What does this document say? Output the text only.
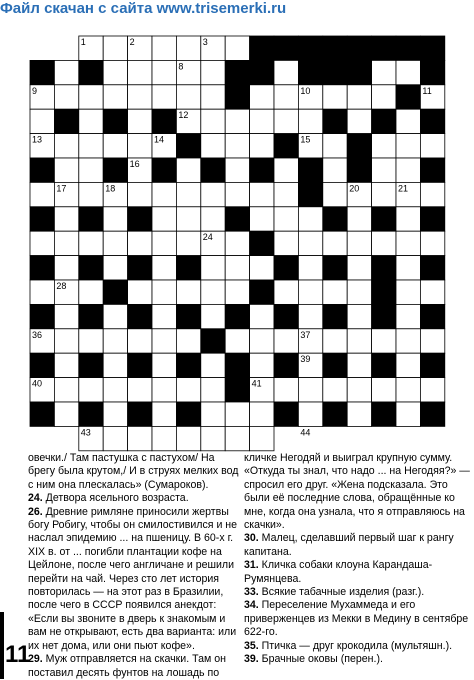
Файл скачан с сайта www.trisemerki.ru
1	2	3	4	5	6 7
8
9	10	11
12
13	14	15
16
17	18	19	20	21
22	23
24
25	26	27
28	29
30	31	32	33	34	35
36	37
38	39
40	41
42
43	44

овечки./ Там пастушка с пастухом/ На брегу была крутом,/ И в струях мелких вод с ним она плескалась» (Сумароков).

24. Детвора ясельного возраста.

26. Древние римляне приносили жертвы богу Робигу, чтобы он смилостивился и не наслал эпидемию ... на пшеницу. В 60-х г. XIX в. от ... погибли плантации кофе на Цейлоне, после чего англичане и решили перейти на чай. Через сто лет история повторилась — на этот раз в Бразилии, после чего в СССР появился анекдот: «Если вы звоните в дверь к знакомым и вам не открывают, есть два варианта: или их нет дома, или они пьют кофе».

29. Муж отправляется на скачки. Там он поставил десять фунтов на лошадь по

кличке Негодяй и выиграл крупную сумму. «Откуда ты знал, что надо ... на Негодяя?» — спросил его друг. «Жена подсказала. Это были её последние слова, обращённые ко мне, когда она узнала, что я отправляюсь на скачки».

30. Малец, сделавший первый шаг к рангу капитана.

31. Кличка собаки клоуна Карандаша-Румянцева.

33. Всякие табачные изделия (разг.).

34. Переселение Мухаммеда и его приверженцев из Мекки в Медину в сентябре 622-го.

35. Птичка — друг крокодила (мультяшн.).

39. Брачные оковы (перен.).

11
